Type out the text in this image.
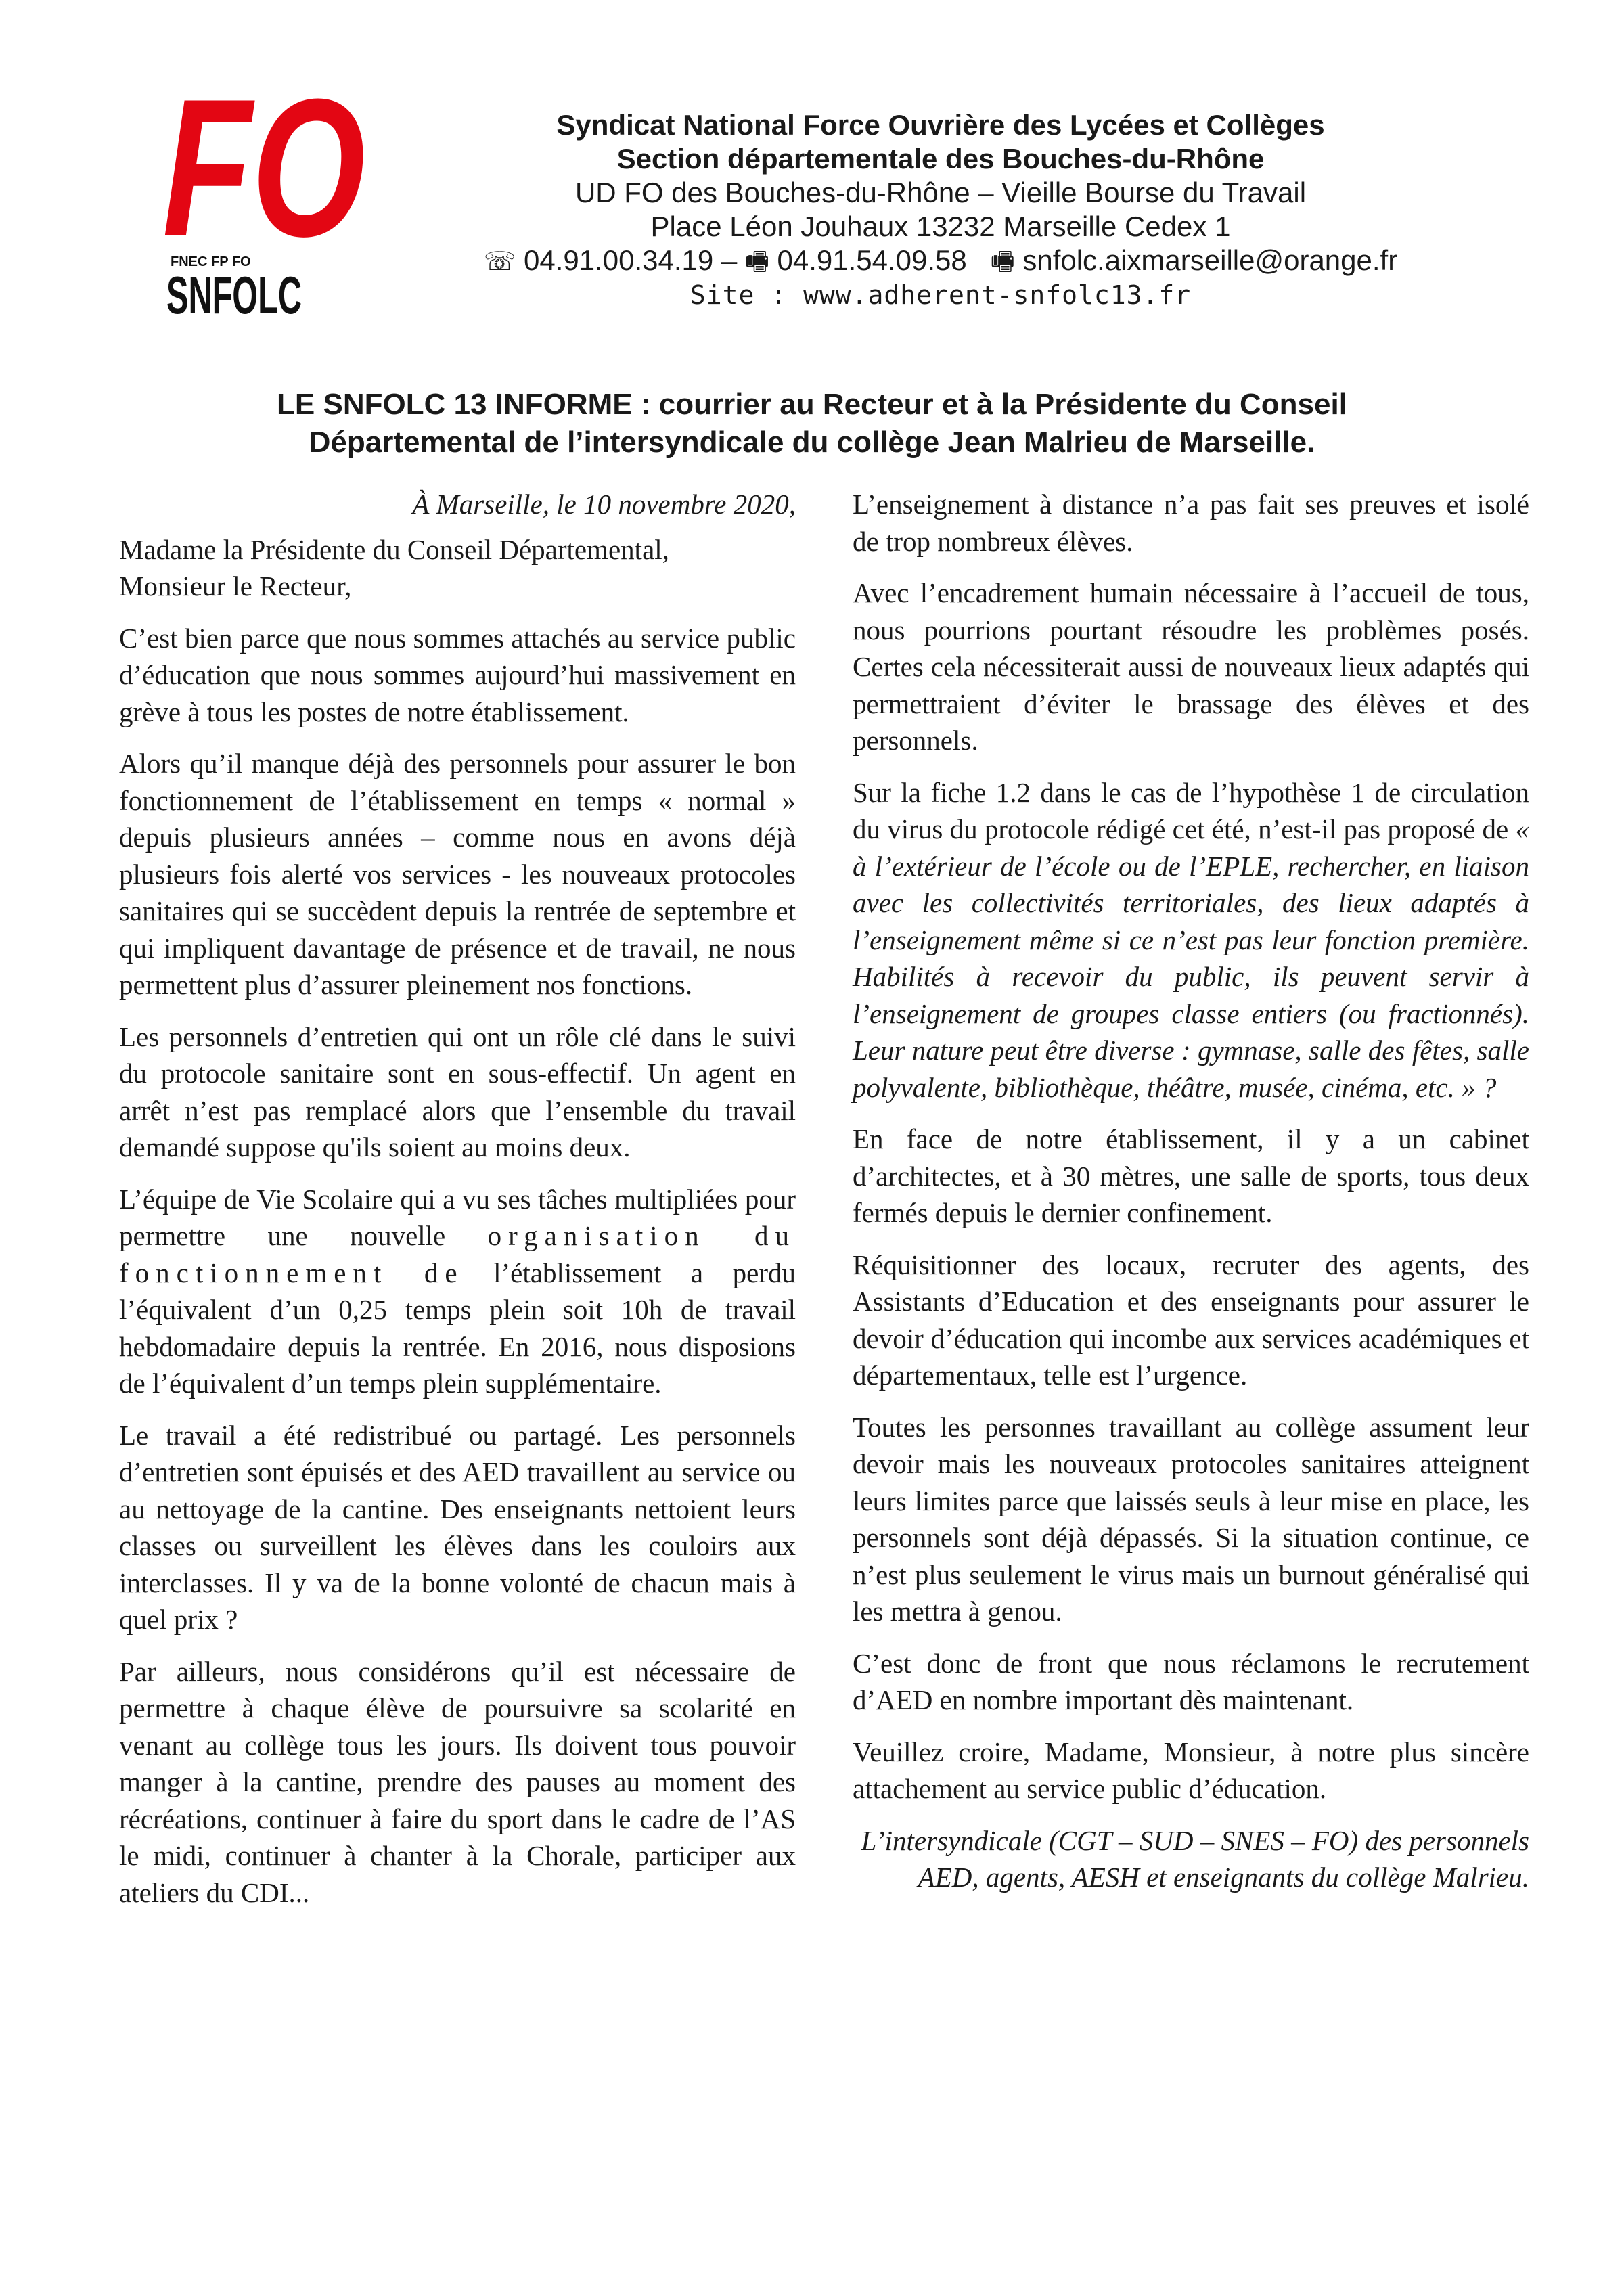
FO
FNEC FP FO
SNFOLC
Syndicat National Force Ouvrière des Lycées et Collèges
Section départementale des Bouches-du-Rhône
UD FO des Bouches-du-Rhône – Vieille Bourse du Travail
Place Léon Jouhaux 13232 Marseille Cedex 1
☏ 04.91.00.34.19 – 🖷 04.91.54.09.58 🖷 snfolc.aixmarseille@orange.fr
Site : www.adherent-snfolc13.fr
LE SNFOLC 13 INFORME : courrier au Recteur et à la Présidente du Conseil
Départemental de l’intersyndicale du collège Jean Malrieu de Marseille.

À Marseille, le 10 novembre 2020,

Madame la Présidente du Conseil Départemental,
Monsieur le Recteur,

C’est bien parce que nous sommes attachés au service public d’éducation que nous sommes aujourd’hui massivement en grève à tous les postes de notre établissement.

Alors qu’il manque déjà des personnels pour assurer le bon fonctionnement de l’établissement en temps « normal » depuis plusieurs années – comme nous en avons déjà plusieurs fois alerté vos services - les nouveaux protocoles sanitaires qui se succèdent depuis la rentrée de septembre et qui impliquent davantage de présence et de travail, ne nous permettent plus d’assurer pleinement nos fonctions.

Les personnels d’entretien qui ont un rôle clé dans le suivi du protocole sanitaire sont en sous-effectif. Un agent en arrêt n’est pas remplacé alors que l’ensemble du travail demandé suppose qu'ils soient au moins deux.

L’équipe de Vie Scolaire qui a vu ses tâches multipliées pour permettre une nouvelle organisation du fonctionnement de l’établissement a perdu l’équivalent d’un 0,25 temps plein soit 10h de travail hebdomadaire depuis la rentrée. En 2016, nous disposions de l’équivalent d’un temps plein supplémentaire.

Le travail a été redistribué ou partagé. Les personnels d’entretien sont épuisés et des AED travaillent au service ou au nettoyage de la cantine. Des enseignants nettoient leurs classes ou surveillent les élèves dans les couloirs aux interclasses. Il y va de la bonne volonté de chacun mais à quel prix ?

Par ailleurs, nous considérons qu’il est nécessaire de permettre à chaque élève de poursuivre sa scolarité en venant au collège tous les jours. Ils doivent tous pouvoir manger à la cantine, prendre des pauses au moment des récréations, continuer à faire du sport dans le cadre de l’AS le midi, continuer à chanter à la Chorale, participer aux ateliers du CDI...

L’enseignement à distance n’a pas fait ses preuves et isolé de trop nombreux élèves.

Avec l’encadrement humain nécessaire à l’accueil de tous, nous pourrions pourtant résoudre les problèmes posés. Certes cela nécessiterait aussi de nouveaux lieux adaptés qui permettraient d’éviter le brassage des élèves et des personnels.

Sur la fiche 1.2 dans le cas de l’hypothèse 1 de circulation du virus du protocole rédigé cet été, n’est-il pas proposé de « à l’extérieur de l’école ou de l’EPLE, rechercher, en liaison avec les collectivités territoriales, des lieux adaptés à l’enseignement même si ce n’est pas leur fonction première. Habilités à recevoir du public, ils peuvent servir à l’enseignement de groupes classe entiers (ou fractionnés). Leur nature peut être diverse : gymnase, salle des fêtes, salle polyvalente, bibliothèque, théâtre, musée, cinéma, etc. » ?

En face de notre établissement, il y a un cabinet d’architectes, et à 30 mètres, une salle de sports, tous deux fermés depuis le dernier confinement.

Réquisitionner des locaux, recruter des agents, des Assistants d’Education et des enseignants pour assurer le devoir d’éducation qui incombe aux services académiques et départementaux, telle est l’urgence.

Toutes les personnes travaillant au collège assument leur devoir mais les nouveaux protocoles sanitaires atteignent leurs limites parce que laissés seuls à leur mise en place, les personnels sont déjà dépassés. Si la situation continue, ce n’est plus seulement le virus mais un burnout généralisé qui les mettra à genou.

C’est donc de front que nous réclamons le recrutement d’AED en nombre important dès maintenant.

Veuillez croire, Madame, Monsieur, à notre plus sincère attachement au service public d’éducation.

L’intersyndicale (CGT – SUD – SNES – FO) des personnels AED, agents, AESH et enseignants du collège Malrieu.
